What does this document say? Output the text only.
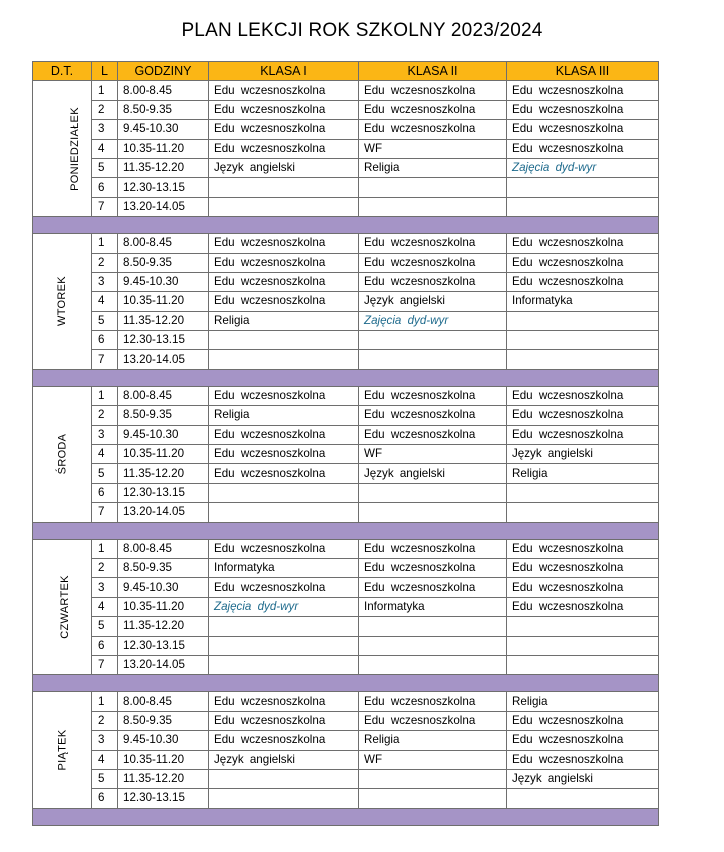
PLAN LEKCJI ROK SZKOLNY 2023/2024
D.T.	L	GODZINY	KLASA I	KLASA II	KLASA III
PONIEDZIAŁEK	1	8.00-8.45	Edu wczesnoszkolna	Edu wczesnoszkolna	Edu wczesnoszkolna
	2	8.50-9.35	Edu wczesnoszkolna	Edu wczesnoszkolna	Edu wczesnoszkolna
	3	9.45-10.30	Edu wczesnoszkolna	Edu wczesnoszkolna	Edu wczesnoszkolna
	4	10.35-11.20	Edu wczesnoszkolna	WF	Edu wczesnoszkolna
	5	11.35-12.20	Język angielski	Religia	Zajęcia dyd-wyr
	6	12.30-13.15			
	7	13.20-14.05			

WTOREK	1	8.00-8.45	Edu wczesnoszkolna	Edu wczesnoszkolna	Edu wczesnoszkolna
	2	8.50-9.35	Edu wczesnoszkolna	Edu wczesnoszkolna	Edu wczesnoszkolna
	3	9.45-10.30	Edu wczesnoszkolna	Edu wczesnoszkolna	Edu wczesnoszkolna
	4	10.35-11.20	Edu wczesnoszkolna	Język angielski	Informatyka
	5	11.35-12.20	Religia	Zajęcia dyd-wyr	
	6	12.30-13.15			
	7	13.20-14.05			

ŚRODA	1	8.00-8.45	Edu wczesnoszkolna	Edu wczesnoszkolna	Edu wczesnoszkolna
	2	8.50-9.35	Religia	Edu wczesnoszkolna	Edu wczesnoszkolna
	3	9.45-10.30	Edu wczesnoszkolna	Edu wczesnoszkolna	Edu wczesnoszkolna
	4	10.35-11.20	Edu wczesnoszkolna	WF	Język angielski
	5	11.35-12.20	Edu wczesnoszkolna	Język angielski	Religia
	6	12.30-13.15			
	7	13.20-14.05			

CZWARTEK	1	8.00-8.45	Edu wczesnoszkolna	Edu wczesnoszkolna	Edu wczesnoszkolna
	2	8.50-9.35	Informatyka	Edu wczesnoszkolna	Edu wczesnoszkolna
	3	9.45-10.30	Edu wczesnoszkolna	Edu wczesnoszkolna	Edu wczesnoszkolna
	4	10.35-11.20	Zajęcia dyd-wyr	Informatyka	Edu wczesnoszkolna
	5	11.35-12.20			
	6	12.30-13.15			
	7	13.20-14.05			

PIĄTEK	1	8.00-8.45	Edu wczesnoszkolna	Edu wczesnoszkolna	Religia
	2	8.50-9.35	Edu wczesnoszkolna	Edu wczesnoszkolna	Edu wczesnoszkolna
	3	9.45-10.30	Edu wczesnoszkolna	Religia	Edu wczesnoszkolna
	4	10.35-11.20	Język angielski	WF	Edu wczesnoszkolna
	5	11.35-12.20			Język angielski
	6	12.30-13.15			
